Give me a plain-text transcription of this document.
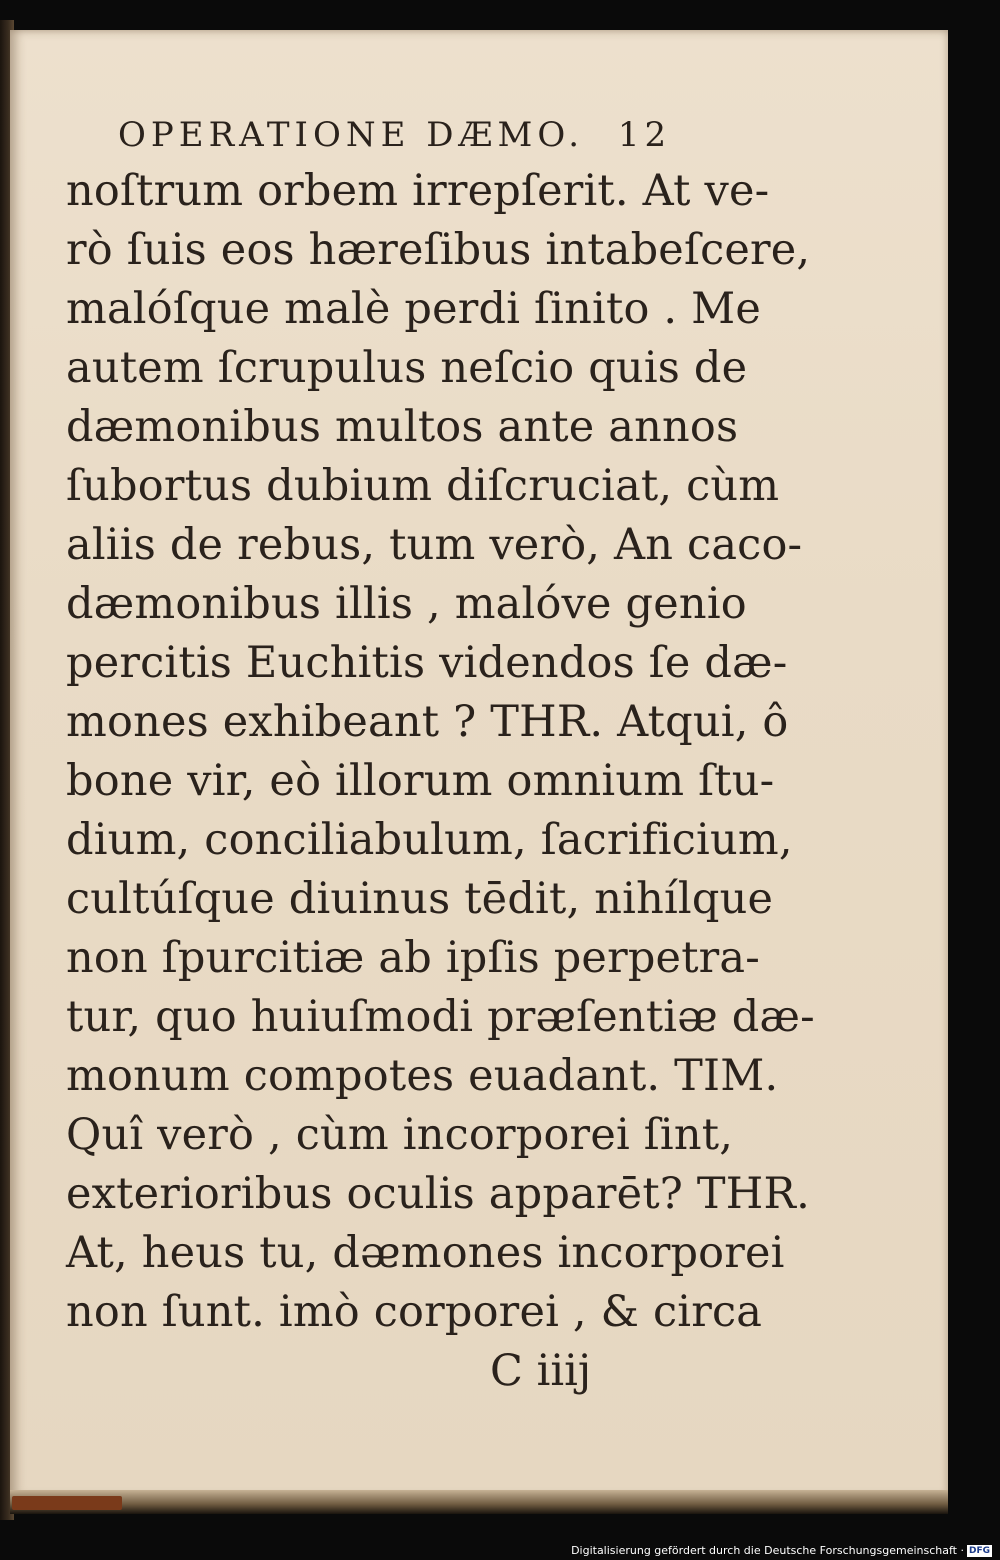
OPERATIONE DÆMO. 12
noſtrum orbem irrepſerit. At ve-
rò ſuis eos hæreſibus intabeſcere,
malóſque malè perdi ſinito . Me
autem ſcrupulus neſcio quis de
dæmonibus multos ante annos
ſubortus dubium diſcruciat, cùm
aliis de rebus, tum verò, An caco-
dæmonibus illis , malóve genio
percitis Euchitis videndos ſe dæ-
mones exhibeant ? THR. Atqui, ô
bone vir, eò illorum omnium ſtu-
dium, conciliabulum, ſacrificium,
cultúſque diuinus tēdit, nihílque
non ſpurcitiæ ab ipſis perpetra-
tur, quo huiuſmodi prᴂſentiᴂ dæ-
monum compotes euadant. TIM.
Quî verò , cùm incorporei ſint,
exterioribus oculis apparēt? THR.
At, heus tu, dᴂmones incorporei
non ſunt. imò corporei , & circa
C iiij
Digitalisierung gefördert durch die Deutsche Forschungsgemeinschaft · DFG
